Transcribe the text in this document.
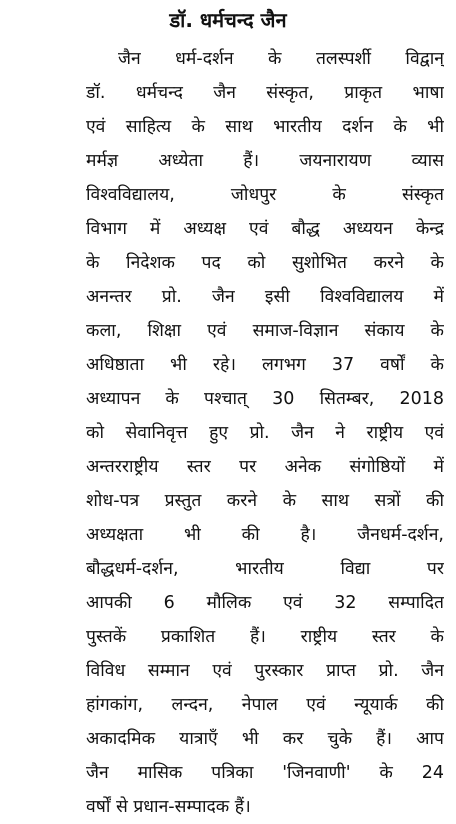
डॉ. धर्मचन्द जैन
जैन धर्म-दर्शन के तलस्पर्शी विद्वान्
डॉ. धर्मचन्द जैन संस्कृत, प्राकृत भाषा
एवं साहित्य के साथ भारतीय दर्शन के भी
मर्मज्ञ अध्येता हैं। जयनारायण व्यास
विश्वविद्यालय, जोधपुर के संस्कृत
विभाग में अध्यक्ष एवं बौद्ध अध्ययन केन्द्र
के निदेशक पद को सुशोभित करने के
अनन्तर प्रो. जैन इसी विश्वविद्यालय में
कला, शिक्षा एवं समाज-विज्ञान संकाय के
अधिष्ठाता भी रहे। लगभग 37 वर्षों के
अध्यापन के पश्चात् 30 सितम्बर, 2018
को सेवानिवृत्त हुए प्रो. जैन ने राष्ट्रीय एवं
अन्तरराष्ट्रीय स्तर पर अनेक संगोष्ठियों में
शोध-पत्र प्रस्तुत करने के साथ सत्रों की
अध्यक्षता भी की है। जैनधर्म-दर्शन,
बौद्धधर्म-दर्शन, भारतीय विद्या पर
आपकी 6 मौलिक एवं 32 सम्पादित
पुस्तकें प्रकाशित हैं। राष्ट्रीय स्तर के
विविध सम्मान एवं पुरस्कार प्राप्त प्रो. जैन
हांगकांग, लन्दन, नेपाल एवं न्यूयार्क की
अकादमिक यात्राएँ भी कर चुके हैं। आप
जैन मासिक पत्रिका 'जिनवाणी' के 24
वर्षों से प्रधान-सम्पादक हैं।
